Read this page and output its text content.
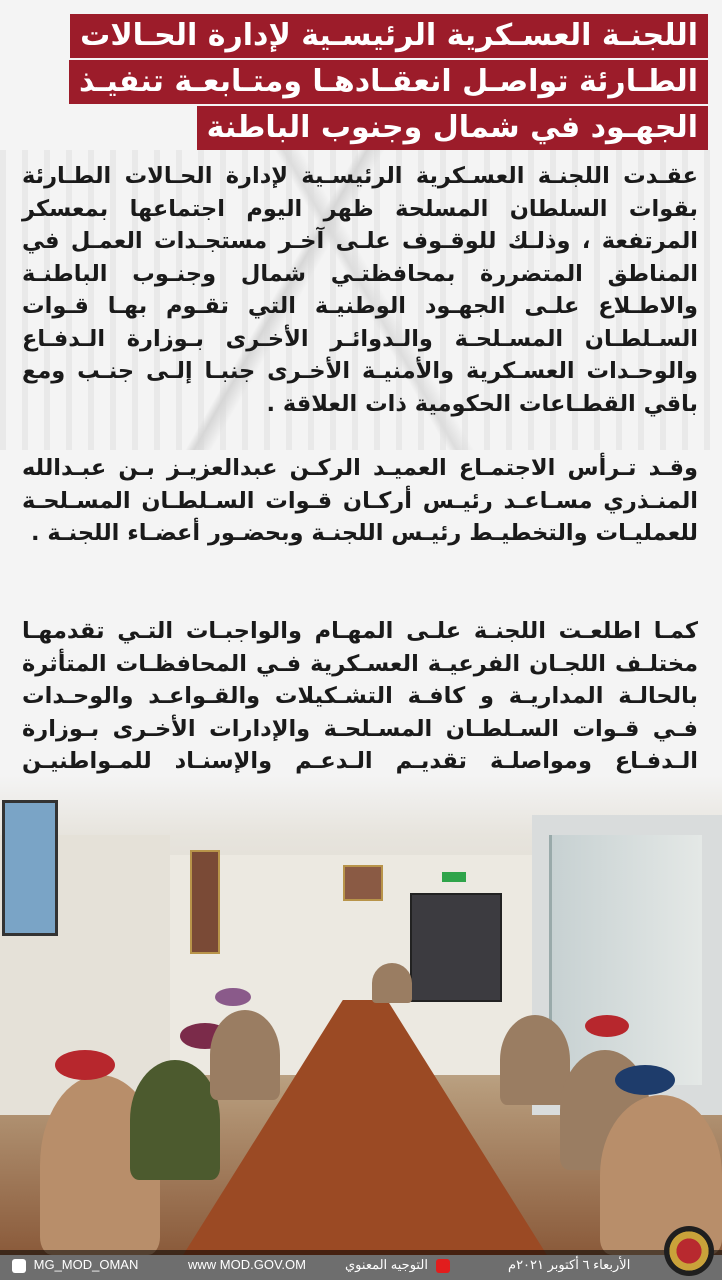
اللجنـة العسـكرية الرئيسـية لإدارة الحـالات
الطـارئة تواصـل انعقـادهـا ومتـابعـة تنفيـذ
الجهـود في شمال وجنوب الباطنة
عقـدت اللجنـة العسـكرية الرئيسـية لإدارة الحـالات الطـارئة بقوات السلطان المسلحة ظهر اليوم اجتماعها بمعسكر المرتفعة ، وذلـك للوقـوف علـى آخـر مستجـدات العمـل في المناطق المتضررة بمحافظتـي شمال وجنـوب الباطنـة والاطـلاع علـى الجهـود الوطنيـة التي تقـوم بهـا قـوات السـلطـان المسـلحـة والـدوائـر الأخـرى بـوزارة الـدفـاع والوحـدات العسـكرية والأمنيـة الأخـرى جنبـا إلـى جنـب ومع باقي القطـاعات الحكومية ذات العلاقة .
وقـد تـرأس الاجتمـاع العميـد الركـن عبدالعزيـز بـن عبـدالله المنـذري مسـاعـد رئيـس أركـان قـوات السـلطـان المسـلحـة للعمليـات والتخطيـط رئيـس اللجنـة وبحضـور أعضـاء اللجنـة .
كمـا اطلعـت اللجنـة علـى المهـام والواجبـات التـي تقدمهـا مختلـف اللجـان الفرعيـة العسـكرية فـي المحافظـات المتأثرة بالحالـة المداريـة و كافـة التشـكيلات والقـواعـد والوحـدات فـي قـوات السـلطـان المسـلحـة والإدارات الأخـرى بـوزارة الـدفـاع ومواصلـة تقديـم الـدعـم والإسنـاد للمـواطنيـن
MG_MOD_OMAN	www MOD.GOV.OM	التوجيه المعنوي	الأربعاء ٦ أكتوبر ٢٠٢١م
